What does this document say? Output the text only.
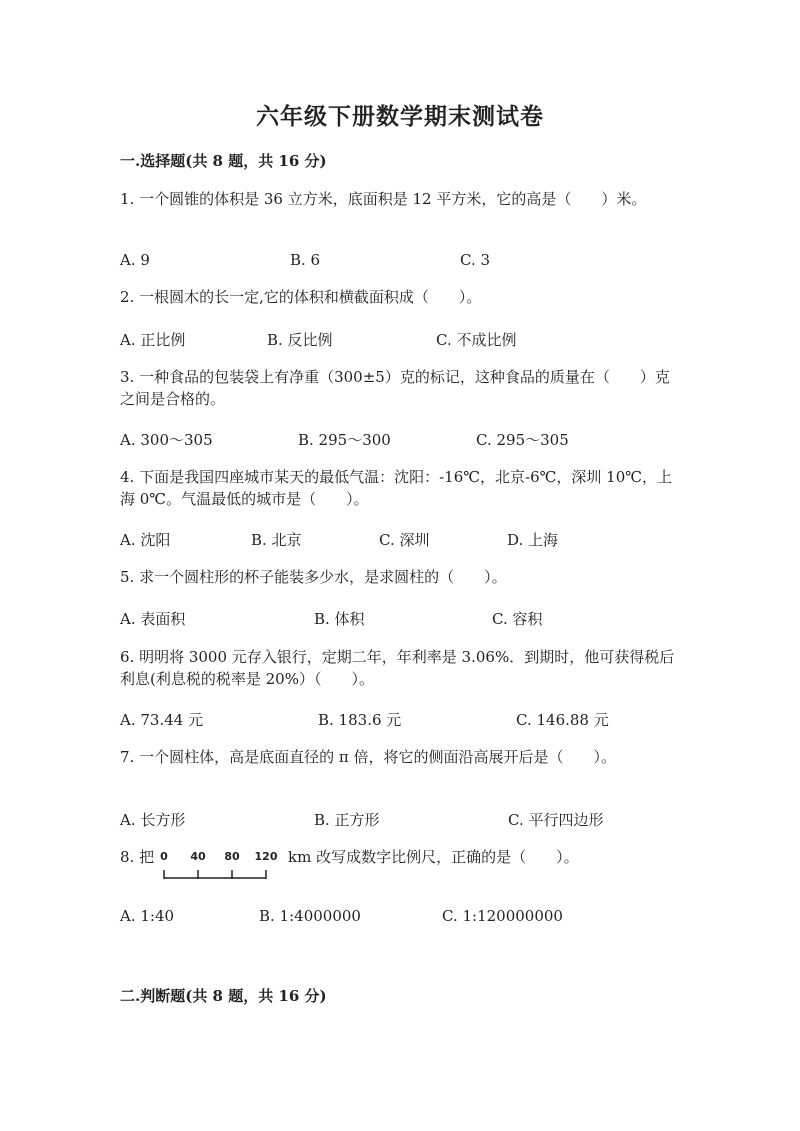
六年级下册数学期末测试卷
一.选择题(共 8 题，共 16 分)
1. 一个圆锥的体积是 36 立方米，底面积是 12 平方米，它的高是（　　）米。
A. 9	B. 6	C. 3
2. 一根圆木的长一定,它的体积和横截面积成（　　）。
A. 正比例	B. 反比例	C. 不成比例
3. 一种食品的包装袋上有净重（300±5）克的标记，这种食品的质量在（　　）克之间是合格的。
A. 300～305	B. 295～300	C. 295～305
4. 下面是我国四座城市某天的最低气温：沈阳：-16℃，北京-6℃，深圳 10℃，上海 0℃。气温最低的城市是（　　）。
A. 沈阳	B. 北京	C. 深圳	D. 上海
5. 求一个圆柱形的杯子能装多少水，是求圆柱的（　　）。
A. 表面积	B. 体积	C. 容积
6. 明明将 3000 元存入银行，定期二年，年利率是 3.06%．到期时，他可获得税后利息(利息税的税率是 20%）（　　）。
A. 73.44 元	B. 183.6 元	C. 146.88 元
7. 一个圆柱体，高是底面直径的 π 倍，将它的侧面沿高展开后是（　　）。
A. 长方形	B. 正方形	C. 平行四边形
8. 把 0 40 80 120 km 改写成数字比例尺，正确的是（　　）。
A. 1:40	B. 1:4000000	C. 1:120000000
二.判断题(共 8 题，共 16 分)
